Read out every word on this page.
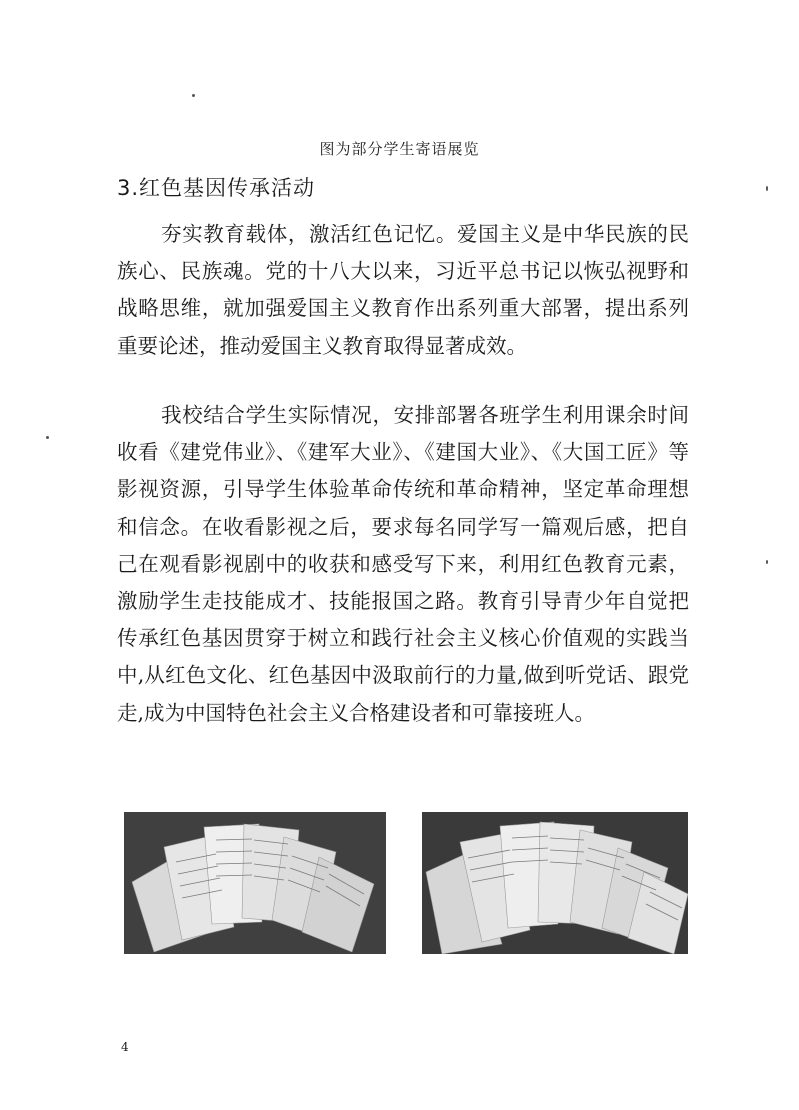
图为部分学生寄语展览
3.红色基因传承活动

夯实教育载体，激活红色记忆。爱国主义是中华民族的民族心、民族魂。党的十八大以来，习近平总书记以恢弘视野和战略思维，就加强爱国主义教育作出系列重大部署，提出系列重要论述，推动爱国主义教育取得显著成效。

我校结合学生实际情况，安排部署各班学生利用课余时间收看《建党伟业》、《建军大业》、《建国大业》、《大国工匠》等影视资源，引导学生体验革命传统和革命精神，坚定革命理想和信念。在收看影视之后，要求每名同学写一篇观后感，把自己在观看影视剧中的收获和感受写下来，利用红色教育元素，激励学生走技能成才、技能报国之路。教育引导青少年自觉把传承红色基因贯穿于树立和践行社会主义核心价值观的实践当中,从红色文化、红色基因中汲取前行的力量,做到听党话、跟党走,成为中国特色社会主义合格建设者和可靠接班人。

4
